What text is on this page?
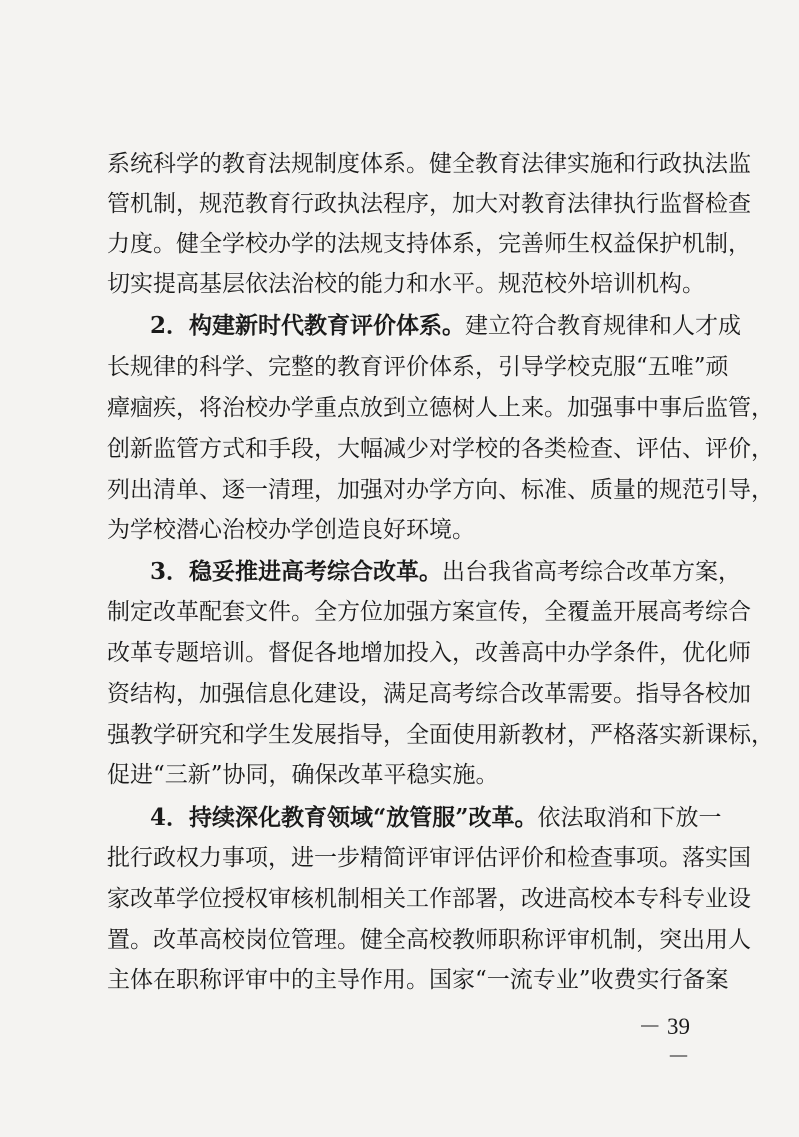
系统科学的教育法规制度体系。健全教育法律实施和行政执法监
管机制，规范教育行政执法程序，加大对教育法律执行监督检查
力度。健全学校办学的法规支持体系，完善师生权益保护机制，
切实提高基层依法治校的能力和水平。规范校外培训机构。
2．构建新时代教育评价体系。建立符合教育规律和人才成
长规律的科学、完整的教育评价体系，引导学校克服“五唯”顽
瘴痼疾，将治校办学重点放到立德树人上来。加强事中事后监管，
创新监管方式和手段，大幅减少对学校的各类检查、评估、评价，
列出清单、逐一清理，加强对办学方向、标准、质量的规范引导，
为学校潜心治校办学创造良好环境。
3．稳妥推进高考综合改革。出台我省高考综合改革方案，
制定改革配套文件。全方位加强方案宣传，全覆盖开展高考综合
改革专题培训。督促各地增加投入，改善高中办学条件，优化师
资结构，加强信息化建设，满足高考综合改革需要。指导各校加
强教学研究和学生发展指导，全面使用新教材，严格落实新课标，
促进“三新”协同，确保改革平稳实施。
4．持续深化教育领域“放管服”改革。依法取消和下放一
批行政权力事项，进一步精简评审评估评价和检查事项。落实国
家改革学位授权审核机制相关工作部署，改进高校本专科专业设
置。改革高校岗位管理。健全高校教师职称评审机制，突出用人
主体在职称评审中的主导作用。国家“一流专业”收费实行备案
－ 39 －
